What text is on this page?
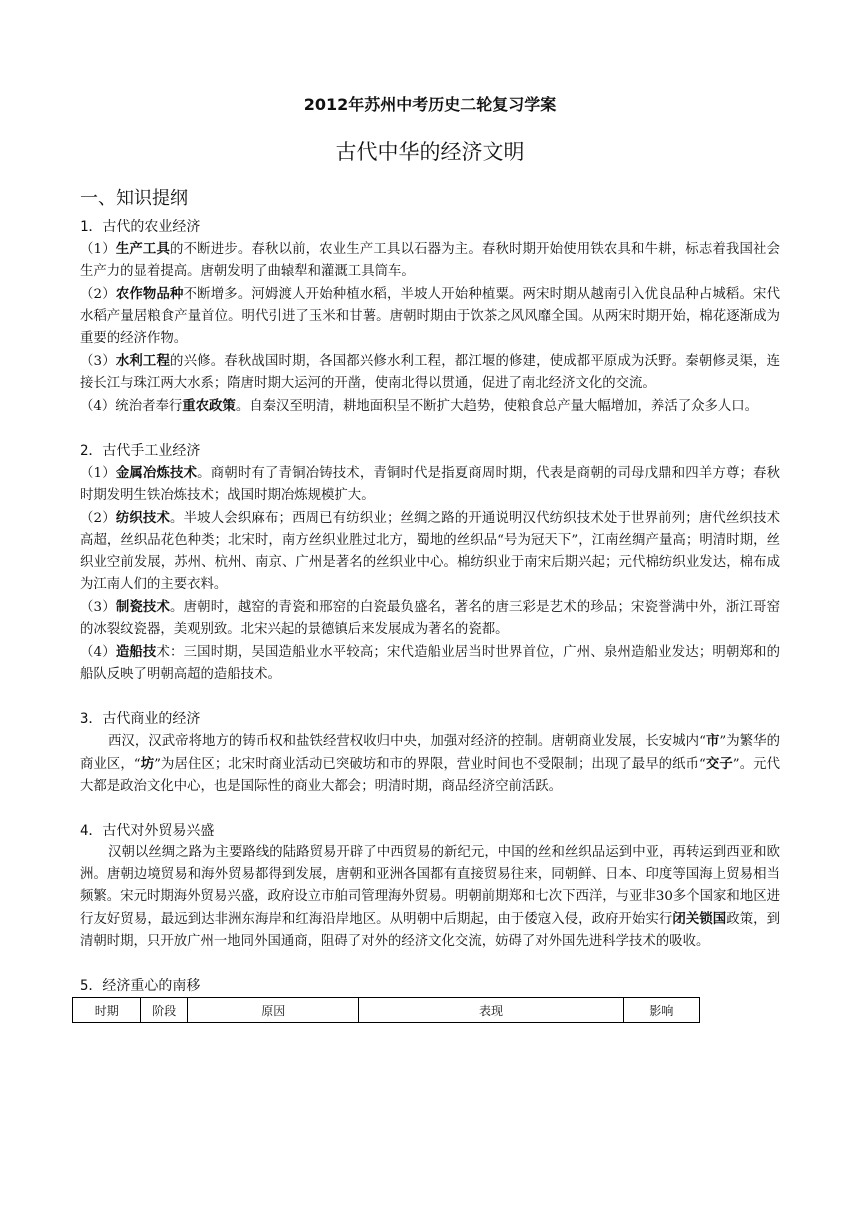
2012年苏州中考历史二轮复习学案
古代中华的经济文明
一、知识提纲
1．古代的农业经济
（1）生产工具的不断进步。春秋以前，农业生产工具以石器为主。春秋时期开始使用铁农具和牛耕，标志着我国社会生产力的显着提高。唐朝发明了曲辕犁和灌溉工具筒车。
（2）农作物品种不断增多。河姆渡人开始种植水稻，半坡人开始种植粟。两宋时期从越南引入优良品种占城稻。宋代水稻产量居粮食产量首位。明代引进了玉米和甘薯。唐朝时期由于饮茶之风风靡全国。从两宋时期开始，棉花逐渐成为重要的经济作物。
（3）水利工程的兴修。春秋战国时期，各国都兴修水利工程，都江堰的修建，使成都平原成为沃野。秦朝修灵渠，连接长江与珠江两大水系；隋唐时期大运河的开凿，使南北得以贯通，促进了南北经济文化的交流。
（4）统治者奉行重农政策。自秦汉至明清，耕地面积呈不断扩大趋势，使粮食总产量大幅增加，养活了众多人口。
2．古代手工业经济
（1）金属冶炼技术。商朝时有了青铜冶铸技术，青铜时代是指夏商周时期，代表是商朝的司母戊鼎和四羊方尊；春秋时期发明生铁冶炼技术；战国时期冶炼规模扩大。
（2）纺织技术。半坡人会织麻布；西周已有纺织业；丝绸之路的开通说明汉代纺织技术处于世界前列；唐代丝织技术高超，丝织品花色种类；北宋时，南方丝织业胜过北方，蜀地的丝织品“号为冠天下”，江南丝绸产量高；明清时期，丝织业空前发展，苏州、杭州、南京、广州是著名的丝织业中心。棉纺织业于南宋后期兴起；元代棉纺织业发达，棉布成为江南人们的主要衣料。
（3）制瓷技术。唐朝时，越窑的青瓷和邢窑的白瓷最负盛名，著名的唐三彩是艺术的珍品；宋瓷誉满中外，浙江哥窑的冰裂纹瓷器，美观别致。北宋兴起的景德镇后来发展成为著名的瓷都。
（4）造船技术：三国时期，吴国造船业水平较高；宋代造船业居当时世界首位，广州、泉州造船业发达；明朝郑和的船队反映了明朝高超的造船技术。
3．古代商业的经济
西汉，汉武帝将地方的铸币权和盐铁经营权收归中央，加强对经济的控制。唐朝商业发展，长安城内“市”为繁华的商业区，“坊”为居住区；北宋时商业活动已突破坊和市的界限，营业时间也不受限制；出现了最早的纸币“交子”。元代大都是政治文化中心，也是国际性的商业大都会；明清时期，商品经济空前活跃。
4．古代对外贸易兴盛
汉朝以丝绸之路为主要路线的陆路贸易开辟了中西贸易的新纪元，中国的丝和丝织品运到中亚，再转运到西亚和欧洲。唐朝边境贸易和海外贸易都得到发展，唐朝和亚洲各国都有直接贸易往来，同朝鲜、日本、印度等国海上贸易相当频繁。宋元时期海外贸易兴盛，政府设立市舶司管理海外贸易。明朝前期郑和七次下西洋，与亚非30多个国家和地区进行友好贸易，最远到达非洲东海岸和红海沿岸地区。从明朝中后期起，由于倭寇入侵，政府开始实行闭关锁国政策，到清朝时期，只开放广州一地同外国通商，阻碍了对外的经济文化交流，妨碍了对外国先进科学技术的吸收。
5．经济重心的南移
时期	阶段	原因	表现	影响
